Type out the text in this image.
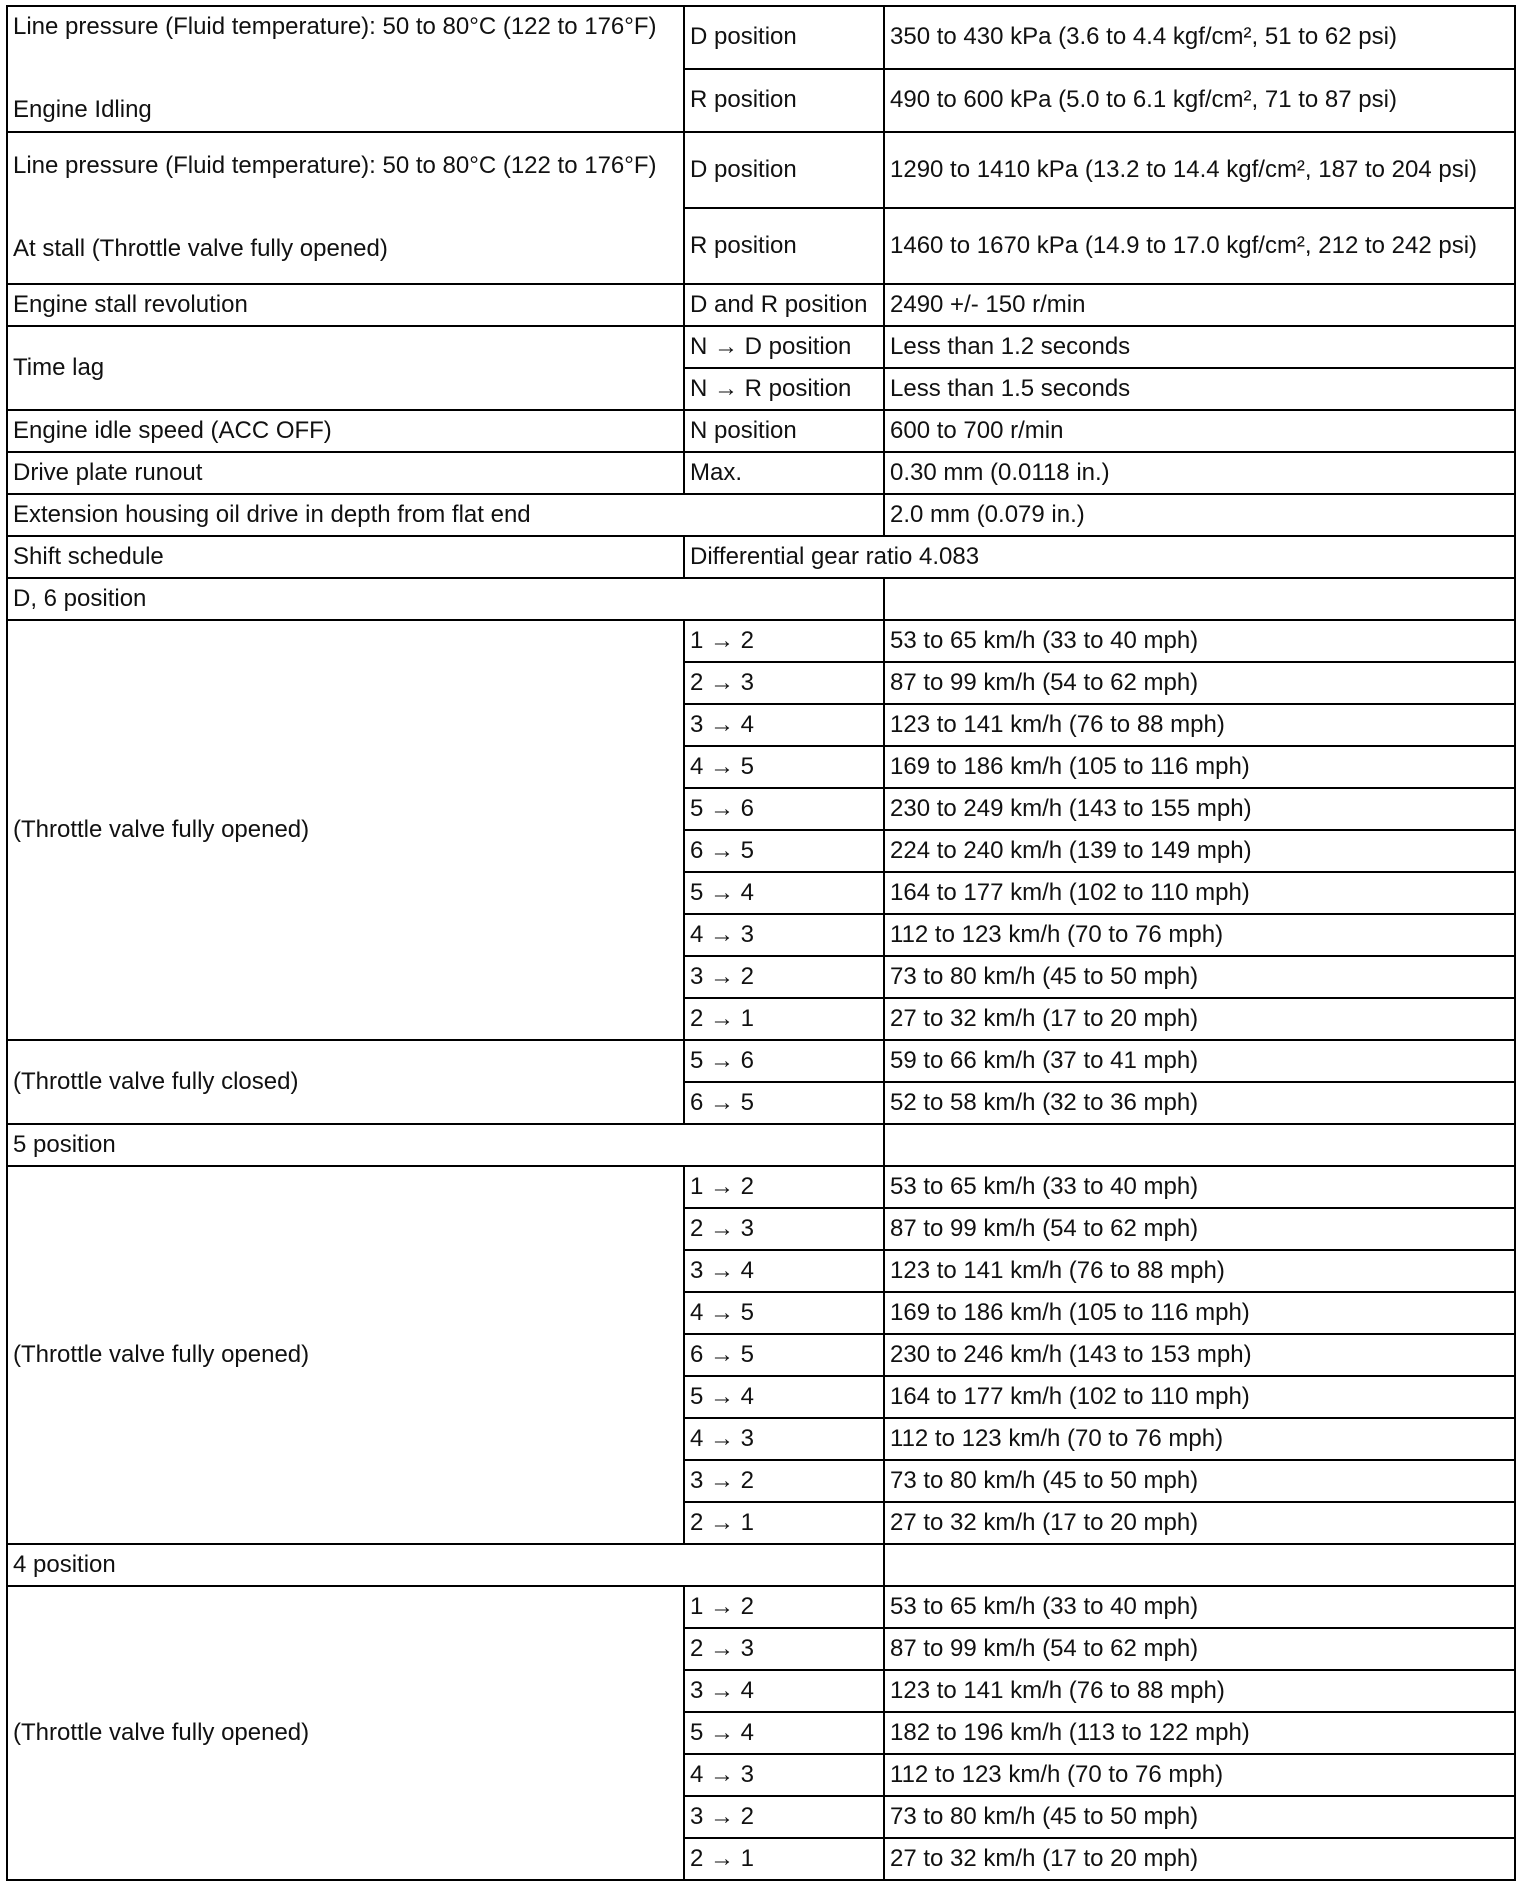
Line pressure (Fluid temperature): 50 to 80°C (122 to 176°F)
Engine Idling	D position	350 to 430 kPa (3.6 to 4.4 kgf/cm², 51 to 62 psi)
	R position	490 to 600 kPa (5.0 to 6.1 kgf/cm², 71 to 87 psi)

Line pressure (Fluid temperature): 50 to 80°C (122 to 176°F)
At stall (Throttle valve fully opened)	D position	1290 to 1410 kPa (13.2 to 14.4 kgf/cm², 187 to 204 psi)
	R position	1460 to 1670 kPa (14.9 to 17.0 kgf/cm², 212 to 242 psi)
Engine stall revolution	D and R position	2490 +/- 150 r/min
Time lag	N → D position	Less than 1.2 seconds
	N → R position	Less than 1.5 seconds
Engine idle speed (ACC OFF)	N position	600 to 700 r/min
Drive plate runout	Max.	0.30 mm (0.0118 in.)
Extension housing oil drive in depth from flat end		2.0 mm (0.079 in.)
Shift schedule	Differential gear ratio 4.083	
D, 6 position		
(Throttle valve fully opened)	1 → 2	53 to 65 km/h (33 to 40 mph)
	2 → 3	87 to 99 km/h (54 to 62 mph)
	3 → 4	123 to 141 km/h (76 to 88 mph)
	4 → 5	169 to 186 km/h (105 to 116 mph)
	5 → 6	230 to 249 km/h (143 to 155 mph)
	6 → 5	224 to 240 km/h (139 to 149 mph)
	5 → 4	164 to 177 km/h (102 to 110 mph)
	4 → 3	112 to 123 km/h (70 to 76 mph)
	3 → 2	73 to 80 km/h (45 to 50 mph)
	2 → 1	27 to 32 km/h (17 to 20 mph)
(Throttle valve fully closed)	5 → 6	59 to 66 km/h (37 to 41 mph)
	6 → 5	52 to 58 km/h (32 to 36 mph)
5 position		
(Throttle valve fully opened)	1 → 2	53 to 65 km/h (33 to 40 mph)
	2 → 3	87 to 99 km/h (54 to 62 mph)
	3 → 4	123 to 141 km/h (76 to 88 mph)
	4 → 5	169 to 186 km/h (105 to 116 mph)
	6 → 5	230 to 246 km/h (143 to 153 mph)
	5 → 4	164 to 177 km/h (102 to 110 mph)
	4 → 3	112 to 123 km/h (70 to 76 mph)
	3 → 2	73 to 80 km/h (45 to 50 mph)
	2 → 1	27 to 32 km/h (17 to 20 mph)
4 position		
(Throttle valve fully opened)	1 → 2	53 to 65 km/h (33 to 40 mph)
	2 → 3	87 to 99 km/h (54 to 62 mph)
	3 → 4	123 to 141 km/h (76 to 88 mph)
	5 → 4	182 to 196 km/h (113 to 122 mph)
	4 → 3	112 to 123 km/h (70 to 76 mph)
	3 → 2	73 to 80 km/h (45 to 50 mph)
	2 → 1	27 to 32 km/h (17 to 20 mph)
